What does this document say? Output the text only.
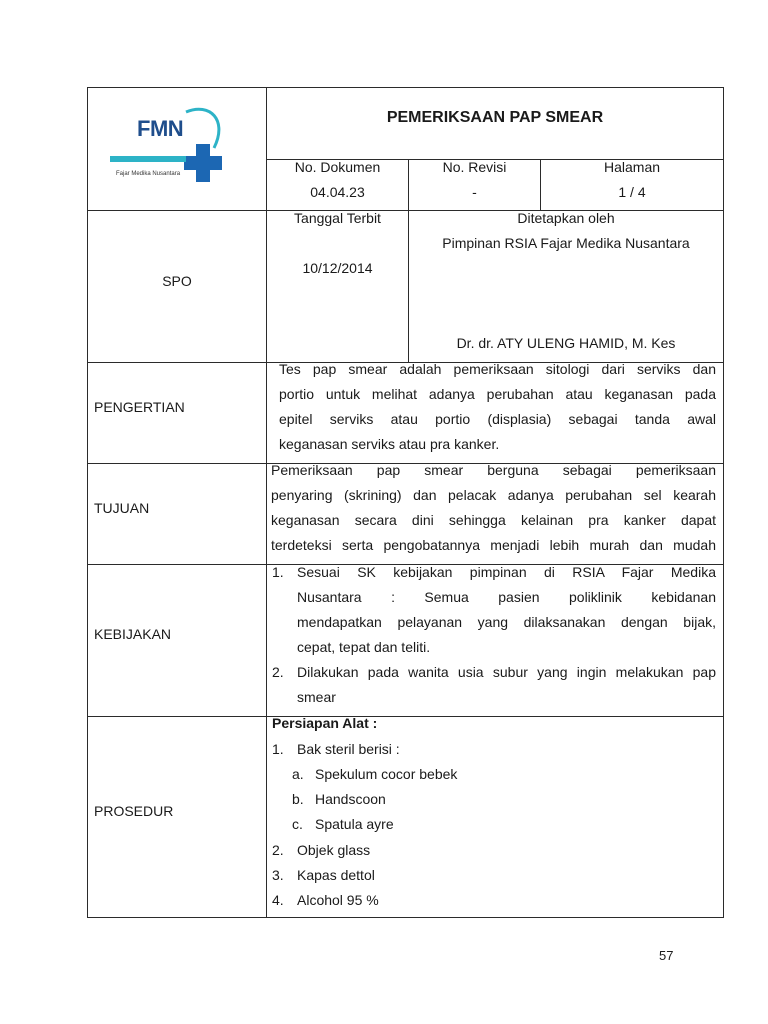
FMN
Fajar Medika Nusantara
PEMERIKSAAN PAP SMEAR
No. Dokumen
04.04.23
No. Revisi
-
Halaman
1 / 4
SPO
Tanggal Terbit
10/12/2014
Ditetapkan oleh
Pimpinan RSIA Fajar Medika Nusantara
Dr. dr. ATY ULENG HAMID, M. Kes
PENGERTIAN
Tes pap smear adalah pemeriksaan sitologi dari serviks dan
portio untuk melihat adanya perubahan atau keganasan pada
epitel serviks atau portio (displasia) sebagai tanda awal
keganasan serviks atau pra kanker.
TUJUAN
Pemeriksaan pap smear berguna sebagai pemeriksaan
penyaring (skrining) dan pelacak adanya perubahan sel kearah
keganasan secara dini sehingga kelainan pra kanker dapat
terdeteksi serta pengobatannya menjadi lebih murah dan mudah
KEBIJAKAN
1. Sesuai SK kebijakan pimpinan di RSIA Fajar Medika
Nusantara : Semua pasien poliklinik kebidanan
mendapatkan pelayanan yang dilaksanakan dengan bijak,
cepat, tepat dan teliti.
2. Dilakukan pada wanita usia subur yang ingin melakukan pap
smear
PROSEDUR
Persiapan Alat :
1. Bak steril berisi :
a. Spekulum cocor bebek
b. Handscoon
c. Spatula ayre
2. Objek glass
3. Kapas dettol
4. Alcohol 95 %
57
